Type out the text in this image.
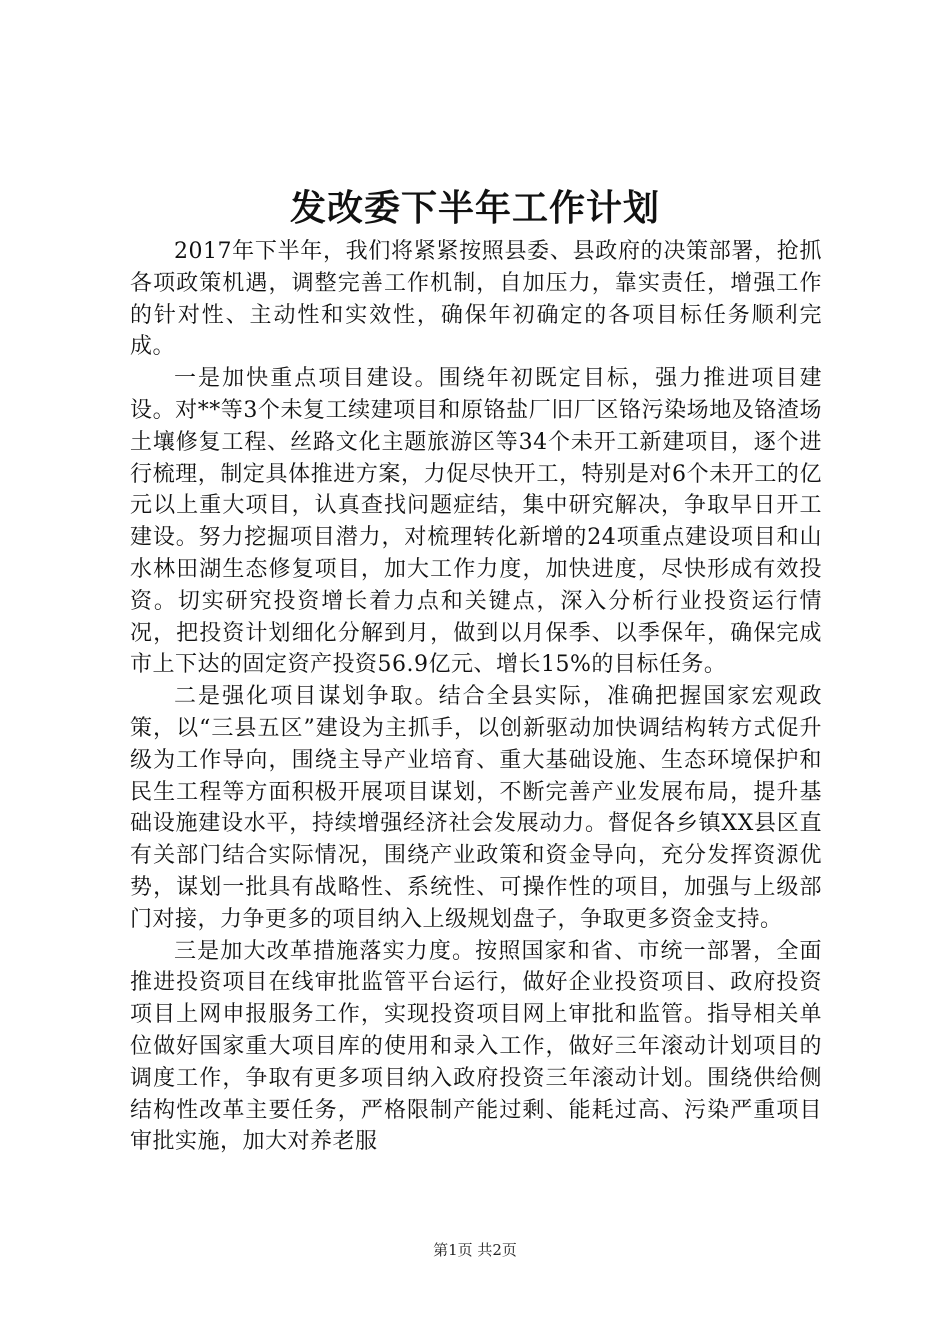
发改委下半年工作计划

2017年下半年，我们将紧紧按照县委、县政府的决策部署，抢抓各项政策机遇，调整完善工作机制，自加压力，靠实责任，增强工作的针对性、主动性和实效性，确保年初确定的各项目标任务顺利完成。

一是加快重点项目建设。围绕年初既定目标，强力推进项目建设。对**等3个未复工续建项目和原铬盐厂旧厂区铬污染场地及铬渣场土壤修复工程、丝路文化主题旅游区等34个未开工新建项目，逐个进行梳理，制定具体推进方案，力促尽快开工，特别是对6个未开工的亿元以上重大项目，认真查找问题症结，集中研究解决，争取早日开工建设。努力挖掘项目潜力，对梳理转化新增的24项重点建设项目和山水林田湖生态修复项目，加大工作力度，加快进度，尽快形成有效投资。切实研究投资增长着力点和关键点，深入分析行业投资运行情况，把投资计划细化分解到月，做到以月保季、以季保年，确保完成市上下达的固定资产投资56.9亿元、增长15%的目标任务。

二是强化项目谋划争取。结合全县实际，准确把握国家宏观政策，以“三县五区”建设为主抓手，以创新驱动加快调结构转方式促升级为工作导向，围绕主导产业培育、重大基础设施、生态环境保护和民生工程等方面积极开展项目谋划，不断完善产业发展布局，提升基础设施建设水平，持续增强经济社会发展动力。督促各乡镇XX县区直有关部门结合实际情况，围绕产业政策和资金导向，充分发挥资源优势，谋划一批具有战略性、系统性、可操作性的项目，加强与上级部门对接，力争更多的项目纳入上级规划盘子，争取更多资金支持。

三是加大改革措施落实力度。按照国家和省、市统一部署，全面推进投资项目在线审批监管平台运行，做好企业投资项目、政府投资项目上网申报服务工作，实现投资项目网上审批和监管。指导相关单位做好国家重大项目库的使用和录入工作，做好三年滚动计划项目的调度工作，争取有更多项目纳入政府投资三年滚动计划。围绕供给侧结构性改革主要任务，严格限制产能过剩、能耗过高、污染严重项目审批实施，加大对养老服

第1页 共2页
